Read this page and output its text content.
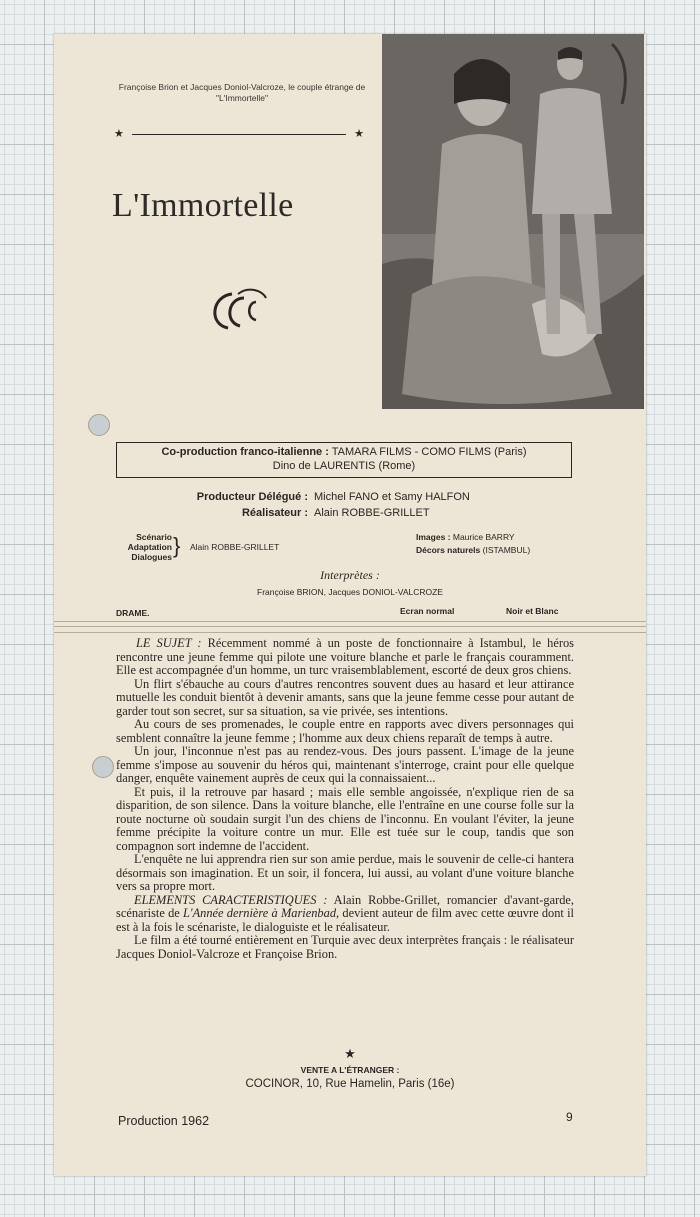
Françoise Brion et Jacques Doniol-Valcroze, le couple étrange de "L'Immortelle"
★	★
L'Immortelle
Co-production franco-italienne : TAMARA FILMS - COMO FILMS (Paris)
Dino de LAURENTIS (Rome)
Producteur Délégué : Michel FANO et Samy HALFON
Réalisateur : Alain ROBBE-GRILLET
Scénario
Adaptation
Dialogues } Alain ROBBE-GRILLET
Images : Maurice BARRY
Décors naturels (ISTAMBUL)
Interprètes :
Françoise BRION, Jacques DONIOL-VALCROZE
DRAME.	Ecran normal	Noir et Blanc

LE SUJET : Récemment nommé à un poste de fonctionnaire à Istambul, le héros rencontre une jeune femme qui pilote une voiture blanche et parle le français couramment. Elle est accompagnée d'un homme, un turc vraisemblablement, escorté de deux gros chiens.

Un flirt s'ébauche au cours d'autres rencontres souvent dues au hasard et leur attirance mutuelle les conduit bientôt à devenir amants, sans que la jeune femme cesse pour autant de garder tout son secret, sur sa situation, sa vie privée, ses intentions.

Au cours de ses promenades, le couple entre en rapports avec divers personnages qui semblent connaître la jeune femme ; l'homme aux deux chiens reparaît de temps à autre.

Un jour, l'inconnue n'est pas au rendez-vous. Des jours passent. L'image de la jeune femme s'impose au souvenir du héros qui, maintenant s'interroge, craint pour elle quelque danger, enquête vainement auprès de ceux qui la connaissaient...

Et puis, il la retrouve par hasard ; mais elle semble angoissée, n'explique rien de sa disparition, de son silence. Dans la voiture blanche, elle l'entraîne en une course folle sur la route nocturne où soudain surgit l'un des chiens de l'inconnu. En voulant l'éviter, la jeune femme précipite la voiture contre un mur. Elle est tuée sur le coup, tandis que son compagnon sort indemne de l'accident.

L'enquête ne lui apprendra rien sur son amie perdue, mais le souvenir de celle-ci hantera désormais son imagination. Et un soir, il foncera, lui aussi, au volant d'une voiture blanche vers sa propre mort.

ELEMENTS CARACTERISTIQUES : Alain Robbe-Grillet, romancier d'avant-garde, scénariste de L'Année dernière à Marienbad, devient auteur de film avec cette œuvre dont il est à la fois le scénariste, le dialoguiste et le réalisateur.

Le film a été tourné entièrement en Turquie avec deux interprètes français : le réalisateur Jacques Doniol-Valcroze et Françoise Brion.

★
VENTE A L'ÉTRANGER :
COCINOR, 10, Rue Hamelin, Paris (16e)
Production 1962	9
